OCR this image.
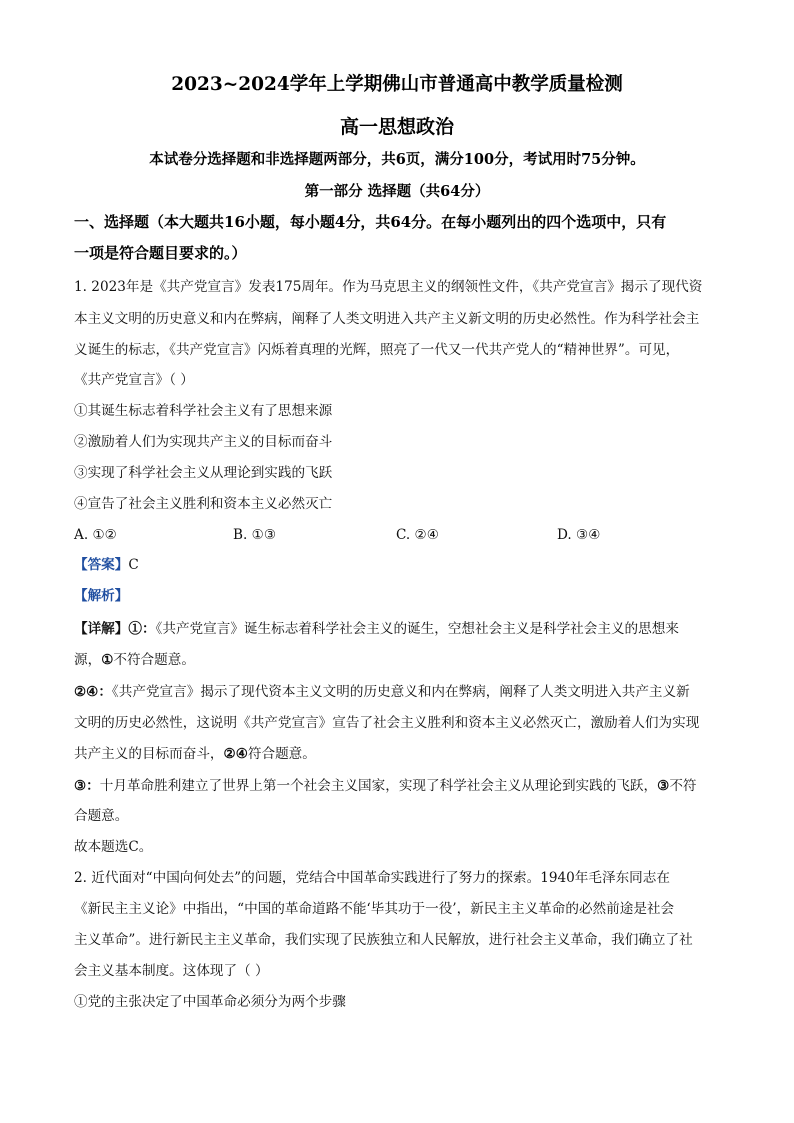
2023~2024学年上学期佛山市普通高中教学质量检测
高一思想政治
本试卷分选择题和非选择题两部分，共6页，满分100分，考试用时75分钟。
第一部分 选择题（共64分）
一、选择题（本大题共16小题，每小题4分，共64分。在每小题列出的四个选项中，只有
一项是符合题目要求的。）
1. 2023年是《共产党宣言》发表175周年。作为马克思主义的纲领性文件，《共产党宣言》揭示了现代资
本主义文明的历史意义和内在弊病，阐释了人类文明进入共产主义新文明的历史必然性。作为科学社会主
义诞生的标志，《共产党宣言》闪烁着真理的光辉，照亮了一代又一代共产党人的“精神世界”。可见，
《共产党宣言》（ ）
①其诞生标志着科学社会主义有了思想来源
②激励着人们为实现共产主义的目标而奋斗
③实现了科学社会主义从理论到实践的飞跃
④宣告了社会主义胜利和资本主义必然灭亡
A. ①②	B. ①③	C. ②④	D. ③④
【答案】C
【解析】
【详解】①：《共产党宣言》诞生标志着科学社会主义的诞生，空想社会主义是科学社会主义的思想来
源，①不符合题意。
②④：《共产党宣言》揭示了现代资本主义文明的历史意义和内在弊病，阐释了人类文明进入共产主义新
文明的历史必然性，这说明《共产党宣言》宣告了社会主义胜利和资本主义必然灭亡，激励着人们为实现
共产主义的目标而奋斗，②④符合题意。
③：十月革命胜利建立了世界上第一个社会主义国家，实现了科学社会主义从理论到实践的飞跃，③不符
合题意。
故本题选C。
2. 近代面对“中国向何处去”的问题，党结合中国革命实践进行了努力的探索。1940年毛泽东同志在
《新民主主义论》中指出，“中国的革命道路不能‘毕其功于一役’，新民主主义革命的必然前途是社会
主义革命”。进行新民主主义革命，我们实现了民族独立和人民解放，进行社会主义革命，我们确立了社
会主义基本制度。这体现了（ ）
①党的主张决定了中国革命必须分为两个步骤
